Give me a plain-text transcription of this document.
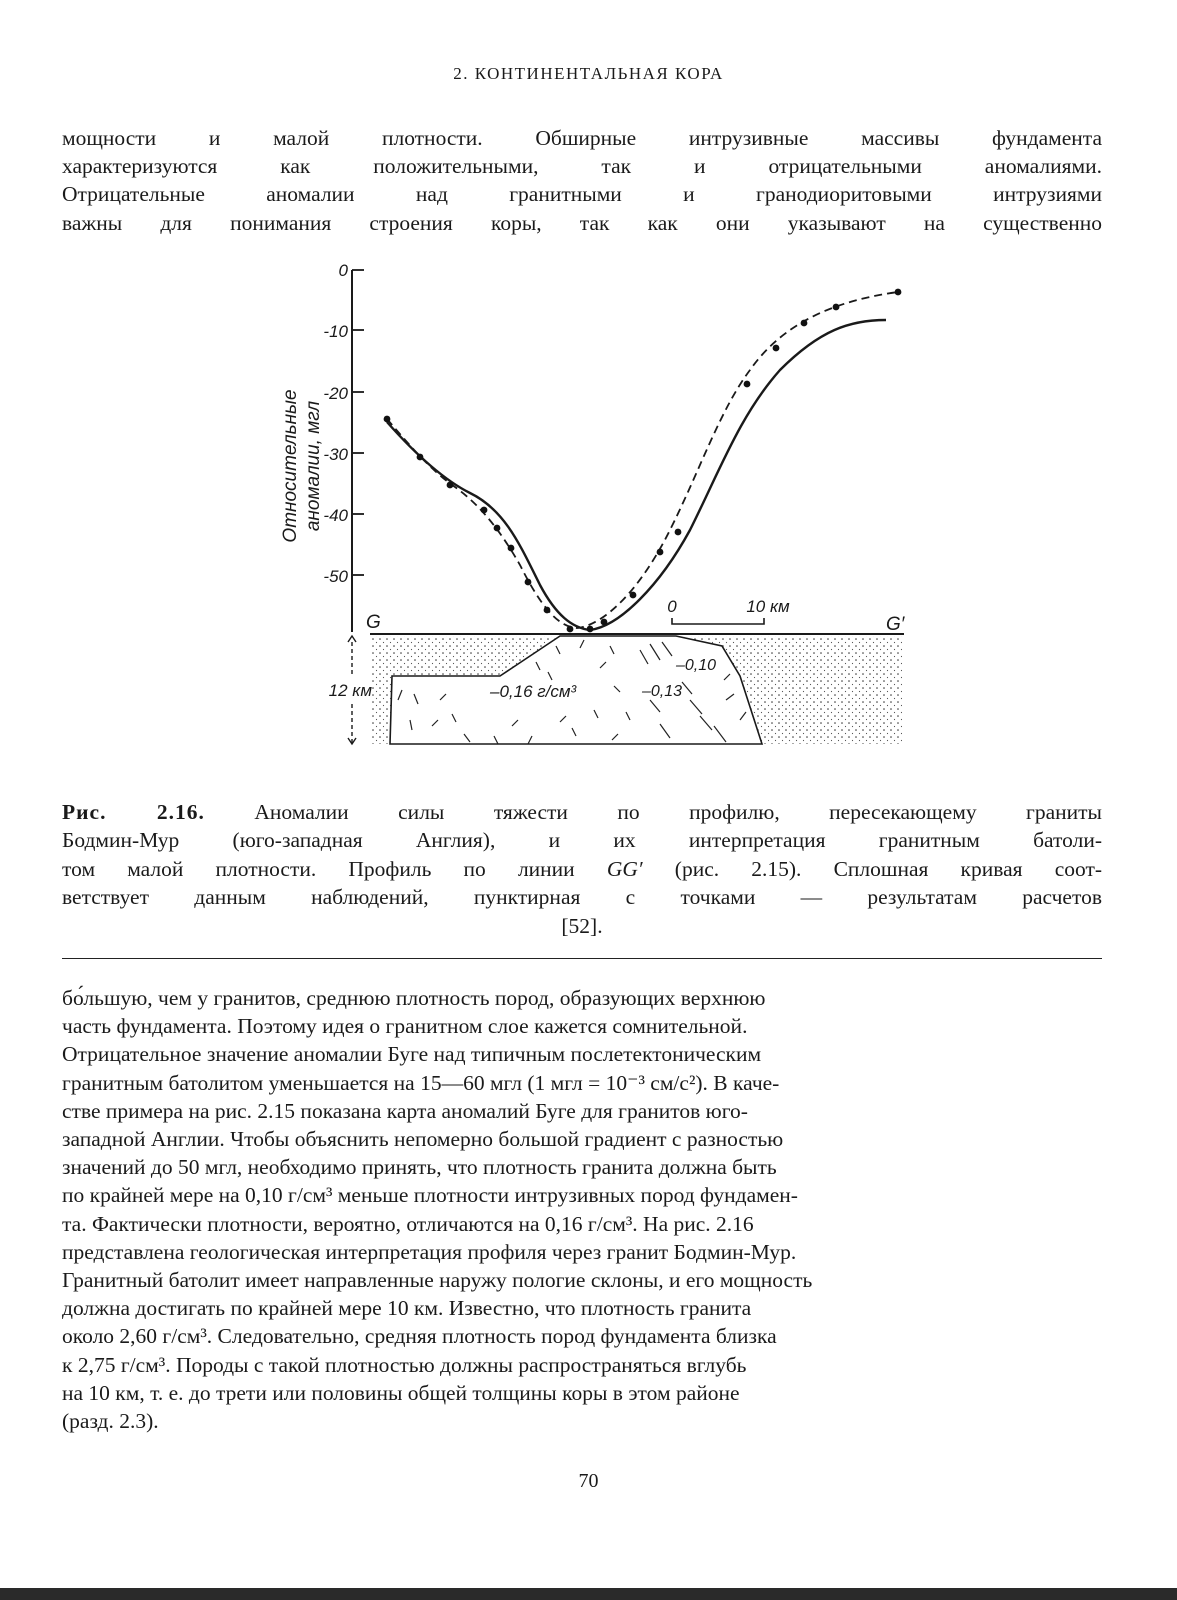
2. КОНТИНЕНТАЛЬНАЯ КОРА

мощности и малой плотности. Обширные интрузивные массивы фундамента
характеризуются как положительными, так и отрицательными аномалиями.
Отрицательные аномалии над гранитными и гранодиоритовыми интрузиями
важны для понимания строения коры, так как они указывают на существенно

0
-10
-20
-30
-40
-50
Относительные аномалии, мгл
0	10 км
G	G′
–0,16 г/см³
–0,10
–0,13
12 км

Рис. 2.16. Аномалии силы тяжести по профилю, пересекающему граниты
Бодмин-Мур (юго-западная Англия), и их интерпретация гранитным батоли-
том малой плотности. Профиль по линии GG′ (рис. 2.15). Сплошная кривая соот-
ветствует данным наблюдений, пунктирная с точками — результатам расчетов
[52].

бо́льшую, чем у гранитов, среднюю плотность пород, образующих верхнюю
часть фундамента. Поэтому идея о гранитном слое кажется сомнительной.
Отрицательное значение аномалии Буге над типичным послетектоническим
гранитным батолитом уменьшается на 15—60 мгл (1 мгл = 10⁻³ см/с²). В каче-
стве примера на рис. 2.15 показана карта аномалий Буге для гранитов юго-
западной Англии. Чтобы объяснить непомерно большой градиент с разностью
значений до 50 мгл, необходимо принять, что плотность гранита должна быть
по крайней мере на 0,10 г/см³ меньше плотности интрузивных пород фундамен-
та. Фактически плотности, вероятно, отличаются на 0,16 г/см³. На рис. 2.16
представлена геологическая интерпретация профиля через гранит Бодмин-Мур.
Гранитный батолит имеет направленные наружу пологие склоны, и его мощность
должна достигать по крайней мере 10 км. Известно, что плотность гранита
около 2,60 г/см³. Следовательно, средняя плотность пород фундамента близка
к 2,75 г/см³. Породы с такой плотностью должны распространяться вглубь
на 10 км, т. е. до трети или половины общей толщины коры в этом районе
(разд. 2.3).

70
